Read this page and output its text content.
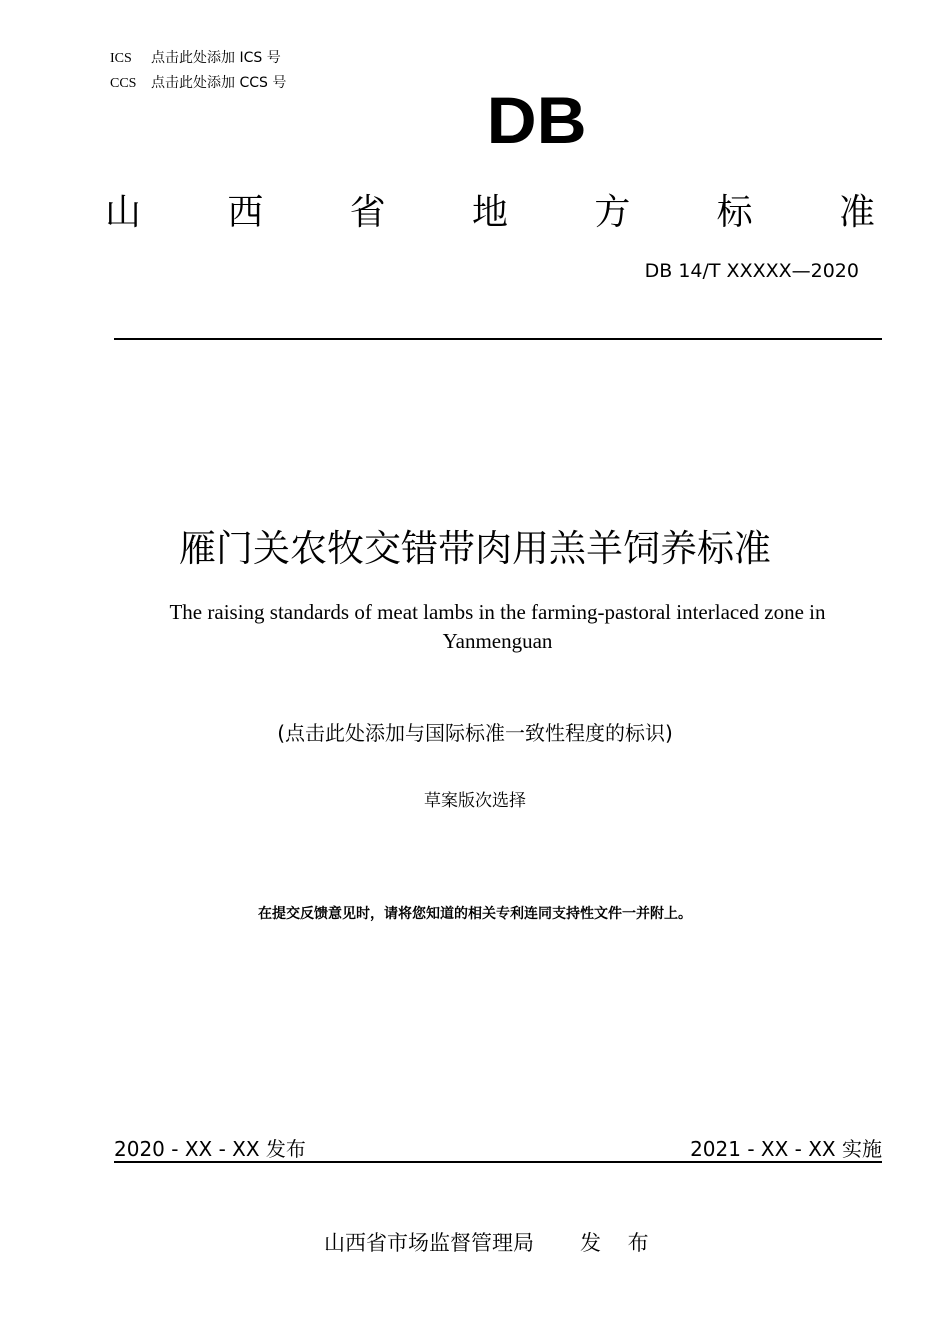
ICS 点击此处添加 ICS 号
CCS 点击此处添加 CCS 号	DB
山 西 省 地 方 标 准
DB 14/T XXXXX—2020
雁门关农牧交错带肉用羔羊饲养标准
The raising standards of meat lambs in the farming-pastoral interlaced zone in Yanmenguan
(点击此处添加与国际标准一致性程度的标识)
草案版次选择
在提交反馈意见时，请将您知道的相关专利连同支持性文件一并附上。
2020 - XX - XX 发布	2021 - XX - XX 实施
山西省市场监督管理局 发 布
